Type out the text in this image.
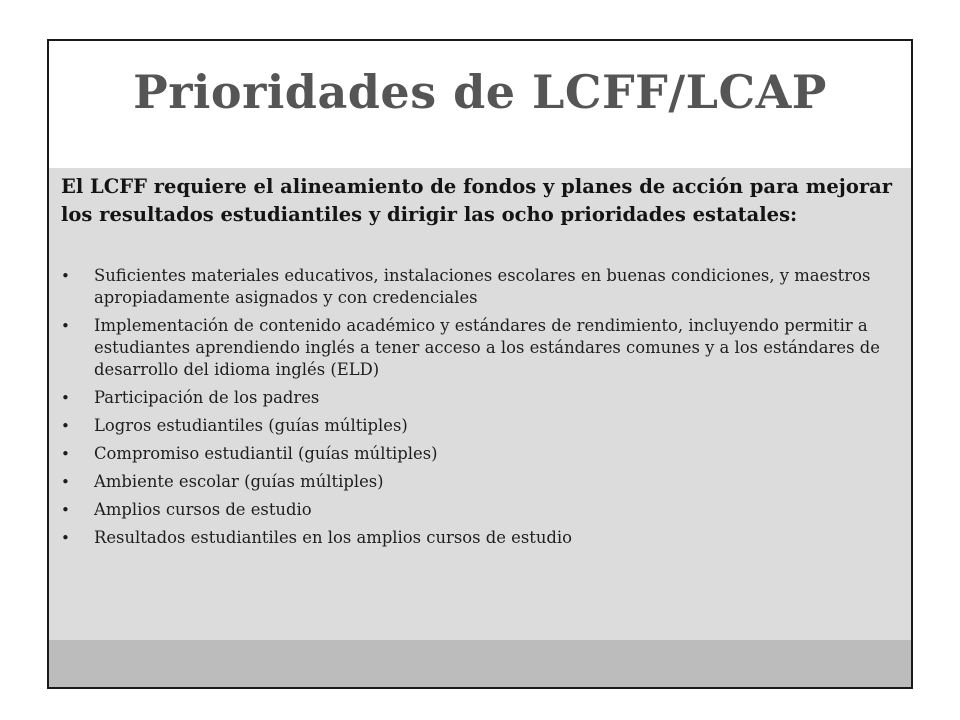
Prioridades de LCFF/LCAP

El LCFF requiere el alineamiento de fondos y planes de acción para mejorar los resultados estudiantiles y dirigir las ocho prioridades estatales:

• Suficientes materiales educativos, instalaciones escolares en buenas condiciones, y maestros apropiadamente asignados y con credenciales
• Implementación de contenido académico y estándares de rendimiento, incluyendo permitir a estudiantes aprendiendo inglés a tener acceso a los estándares comunes y a los estándares de desarrollo del idioma inglés (ELD)
• Participación de los padres
• Logros estudiantiles (guías múltiples)
• Compromiso estudiantil (guías múltiples)
• Ambiente escolar (guías múltiples)
• Amplios cursos de estudio
• Resultados estudiantiles en los amplios cursos de estudio
